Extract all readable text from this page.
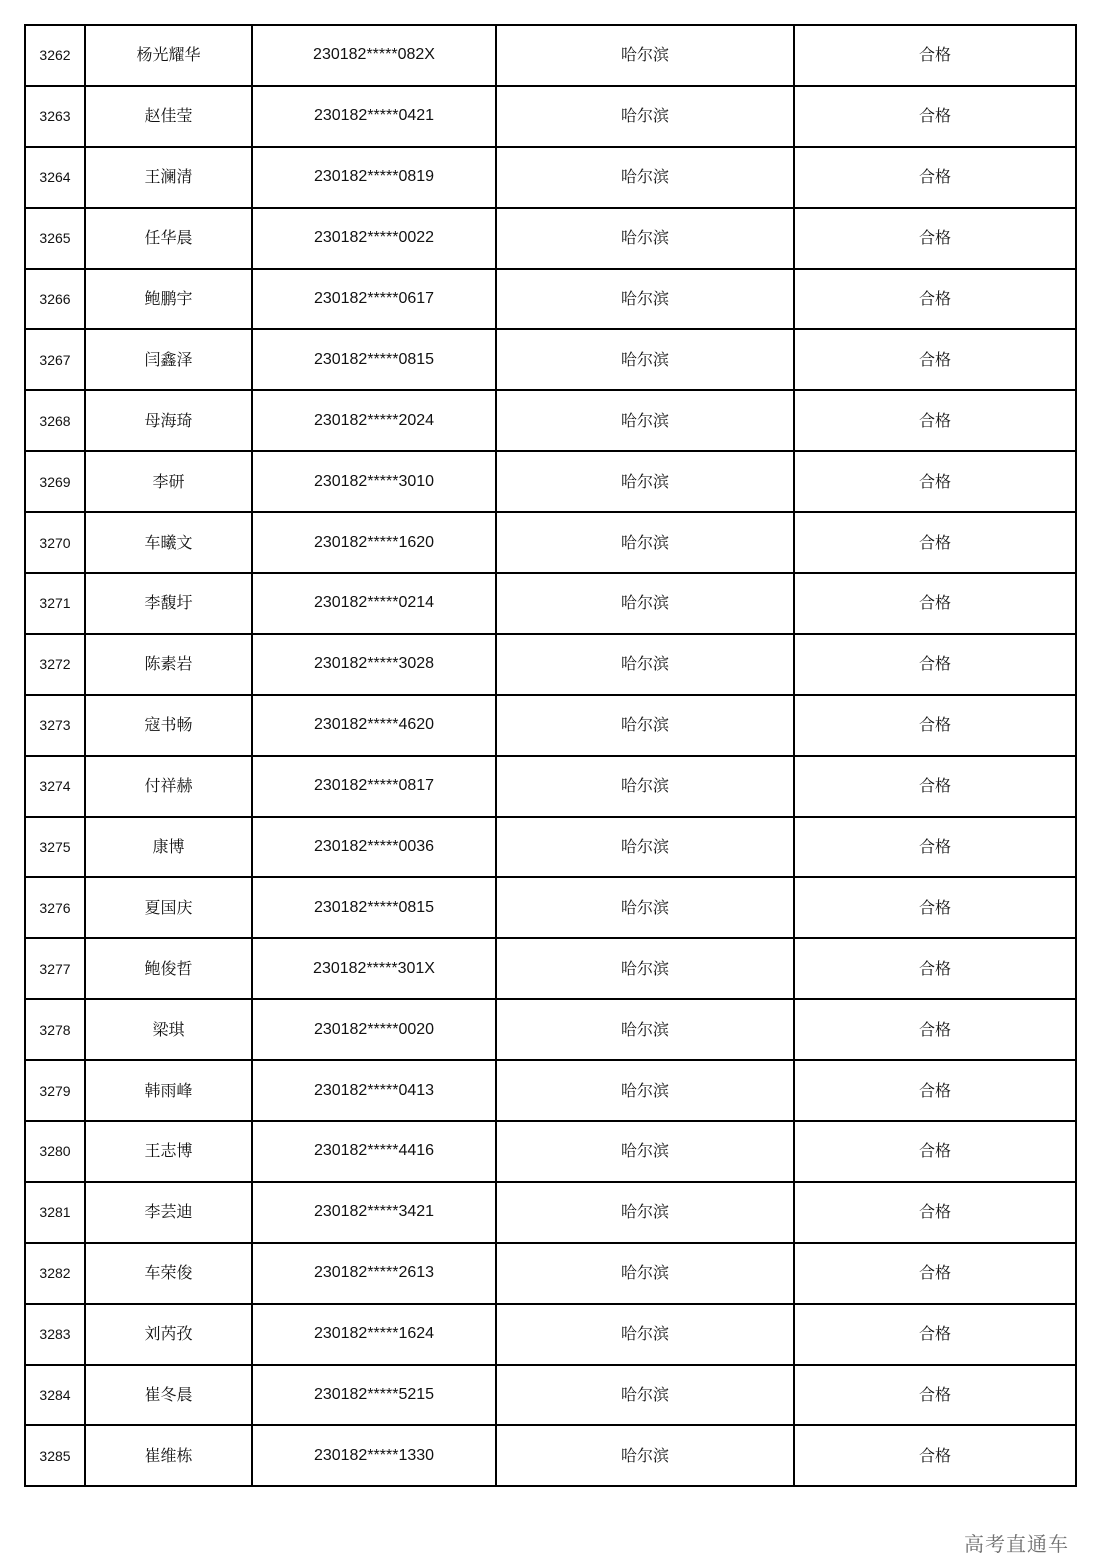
3262	杨光耀华	230182*****082X	哈尔滨	合格
3263	赵佳莹	230182*****0421	哈尔滨	合格
3264	王澜清	230182*****0819	哈尔滨	合格
3265	任华晨	230182*****0022	哈尔滨	合格
3266	鲍鹏宇	230182*****0617	哈尔滨	合格
3267	闫鑫泽	230182*****0815	哈尔滨	合格
3268	母海琦	230182*****2024	哈尔滨	合格
3269	李研	230182*****3010	哈尔滨	合格
3270	车曦文	230182*****1620	哈尔滨	合格
3271	李馥圩	230182*****0214	哈尔滨	合格
3272	陈素岩	230182*****3028	哈尔滨	合格
3273	寇书畅	230182*****4620	哈尔滨	合格
3274	付祥赫	230182*****0817	哈尔滨	合格
3275	康博	230182*****0036	哈尔滨	合格
3276	夏国庆	230182*****0815	哈尔滨	合格
3277	鲍俊哲	230182*****301X	哈尔滨	合格
3278	梁琪	230182*****0020	哈尔滨	合格
3279	韩雨峰	230182*****0413	哈尔滨	合格
3280	王志博	230182*****4416	哈尔滨	合格
3281	李芸迪	230182*****3421	哈尔滨	合格
3282	车荣俊	230182*****2613	哈尔滨	合格
3283	刘芮孜	230182*****1624	哈尔滨	合格
3284	崔冬晨	230182*****5215	哈尔滨	合格
3285	崔维栋	230182*****1330	哈尔滨	合格
高考直通车
